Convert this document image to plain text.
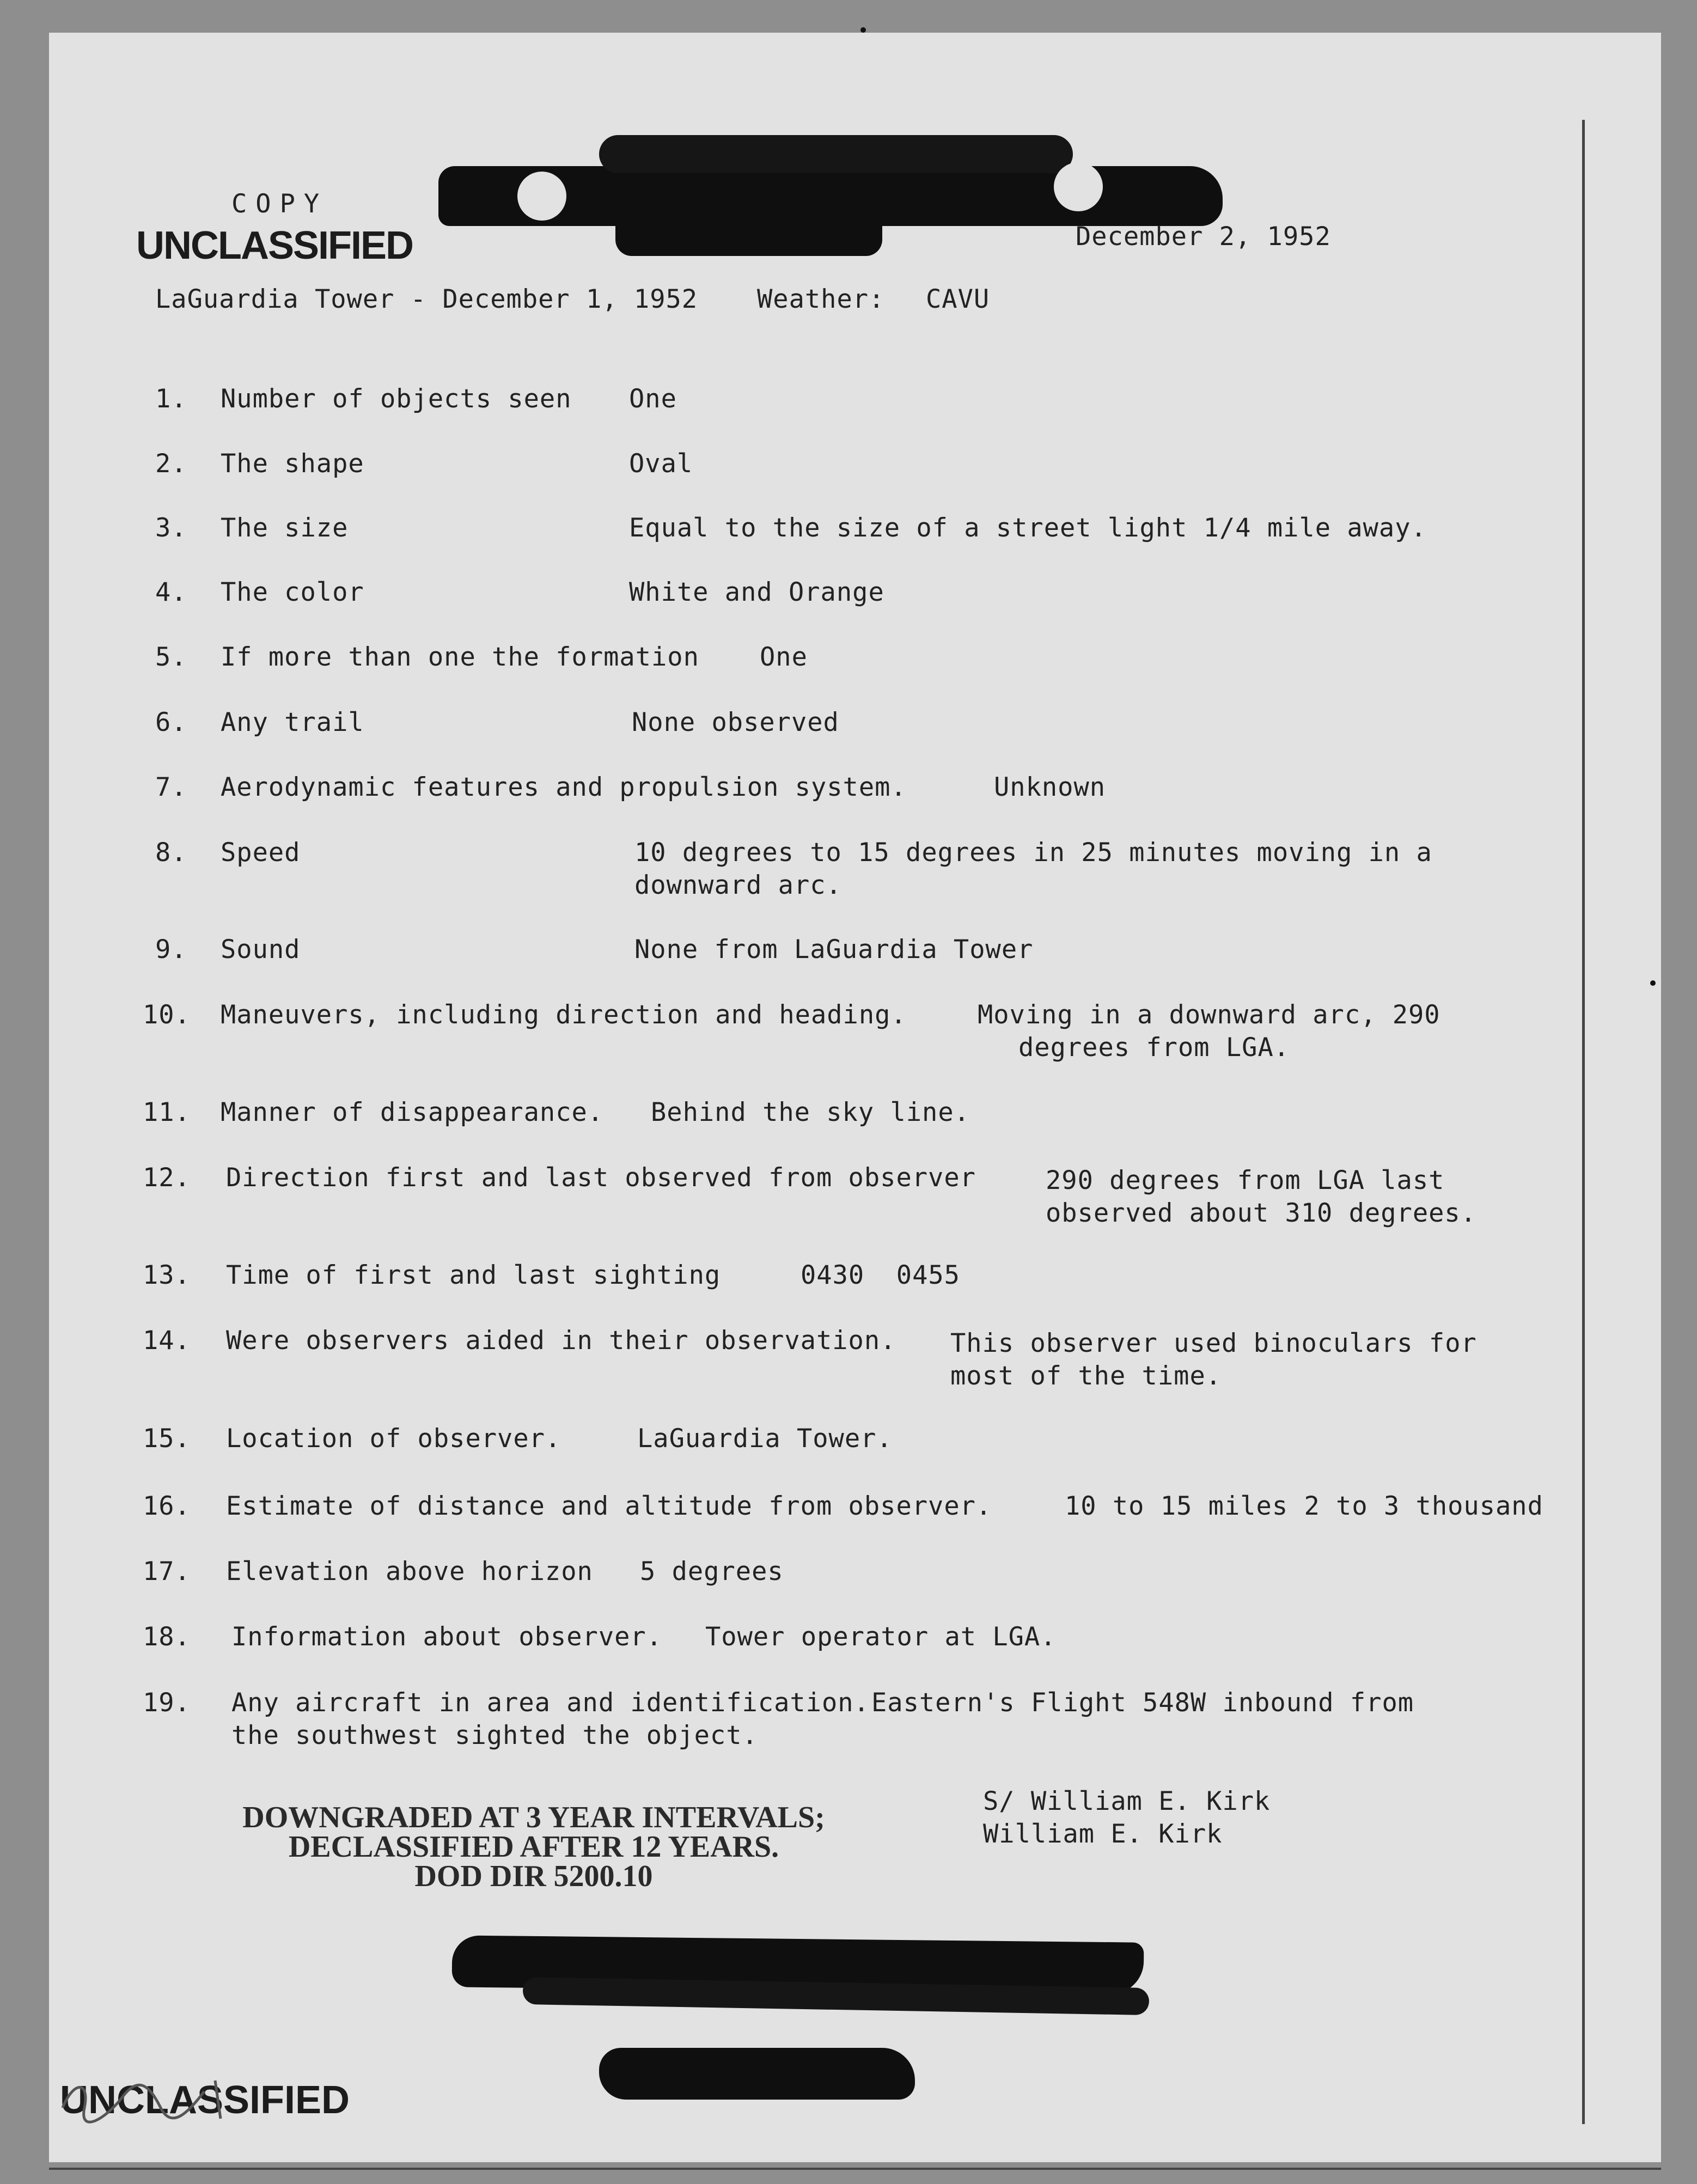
COPY
UNCLASSIFIED	December 2, 1952
LaGuardia Tower - December 1, 1952 Weather: CAVU
1. Number of objects seen One
2. The shape	Oval
3. The size	Equal to the size of a street light 1/4 mile away.
4. The color	White and Orange
5. If more than one the formation One
6. Any trail	None observed
7. Aerodynamic features and propulsion system.	Unknown
8. Speed	10 degrees to 15 degrees in 25 minutes moving in a
downward arc.
9. Sound	None from LaGuardia Tower
10. Maneuvers, including direction and heading.	Moving in a downward arc, 290
degrees from LGA.
11. Manner of disappearance. Behind the sky line.
12. Direction first and last observed from observer	290 degrees from LGA last
observed about 310 degrees.
13. Time of first and last sighting	0430  0455
14. Were observers aided in their observation. This observer used binoculars for
most of the time.
15. Location of observer.	LaGuardia Tower.
16. Estimate of distance and altitude from observer.	10 to 15 miles 2 to 3 thousand
17. Elevation above horizon 5 degrees
18. Information about observer. Tower operator at LGA.
19. Any aircraft in area and identification. Eastern's Flight 548W inbound from
the southwest sighted the object.
DOWNGRADED AT 3 YEAR INTERVALS;
DECLASSIFIED AFTER 12 YEARS.
DOD DIR 5200.10
S/ William E. Kirk
William E. Kirk
UNCLASSIFIED
